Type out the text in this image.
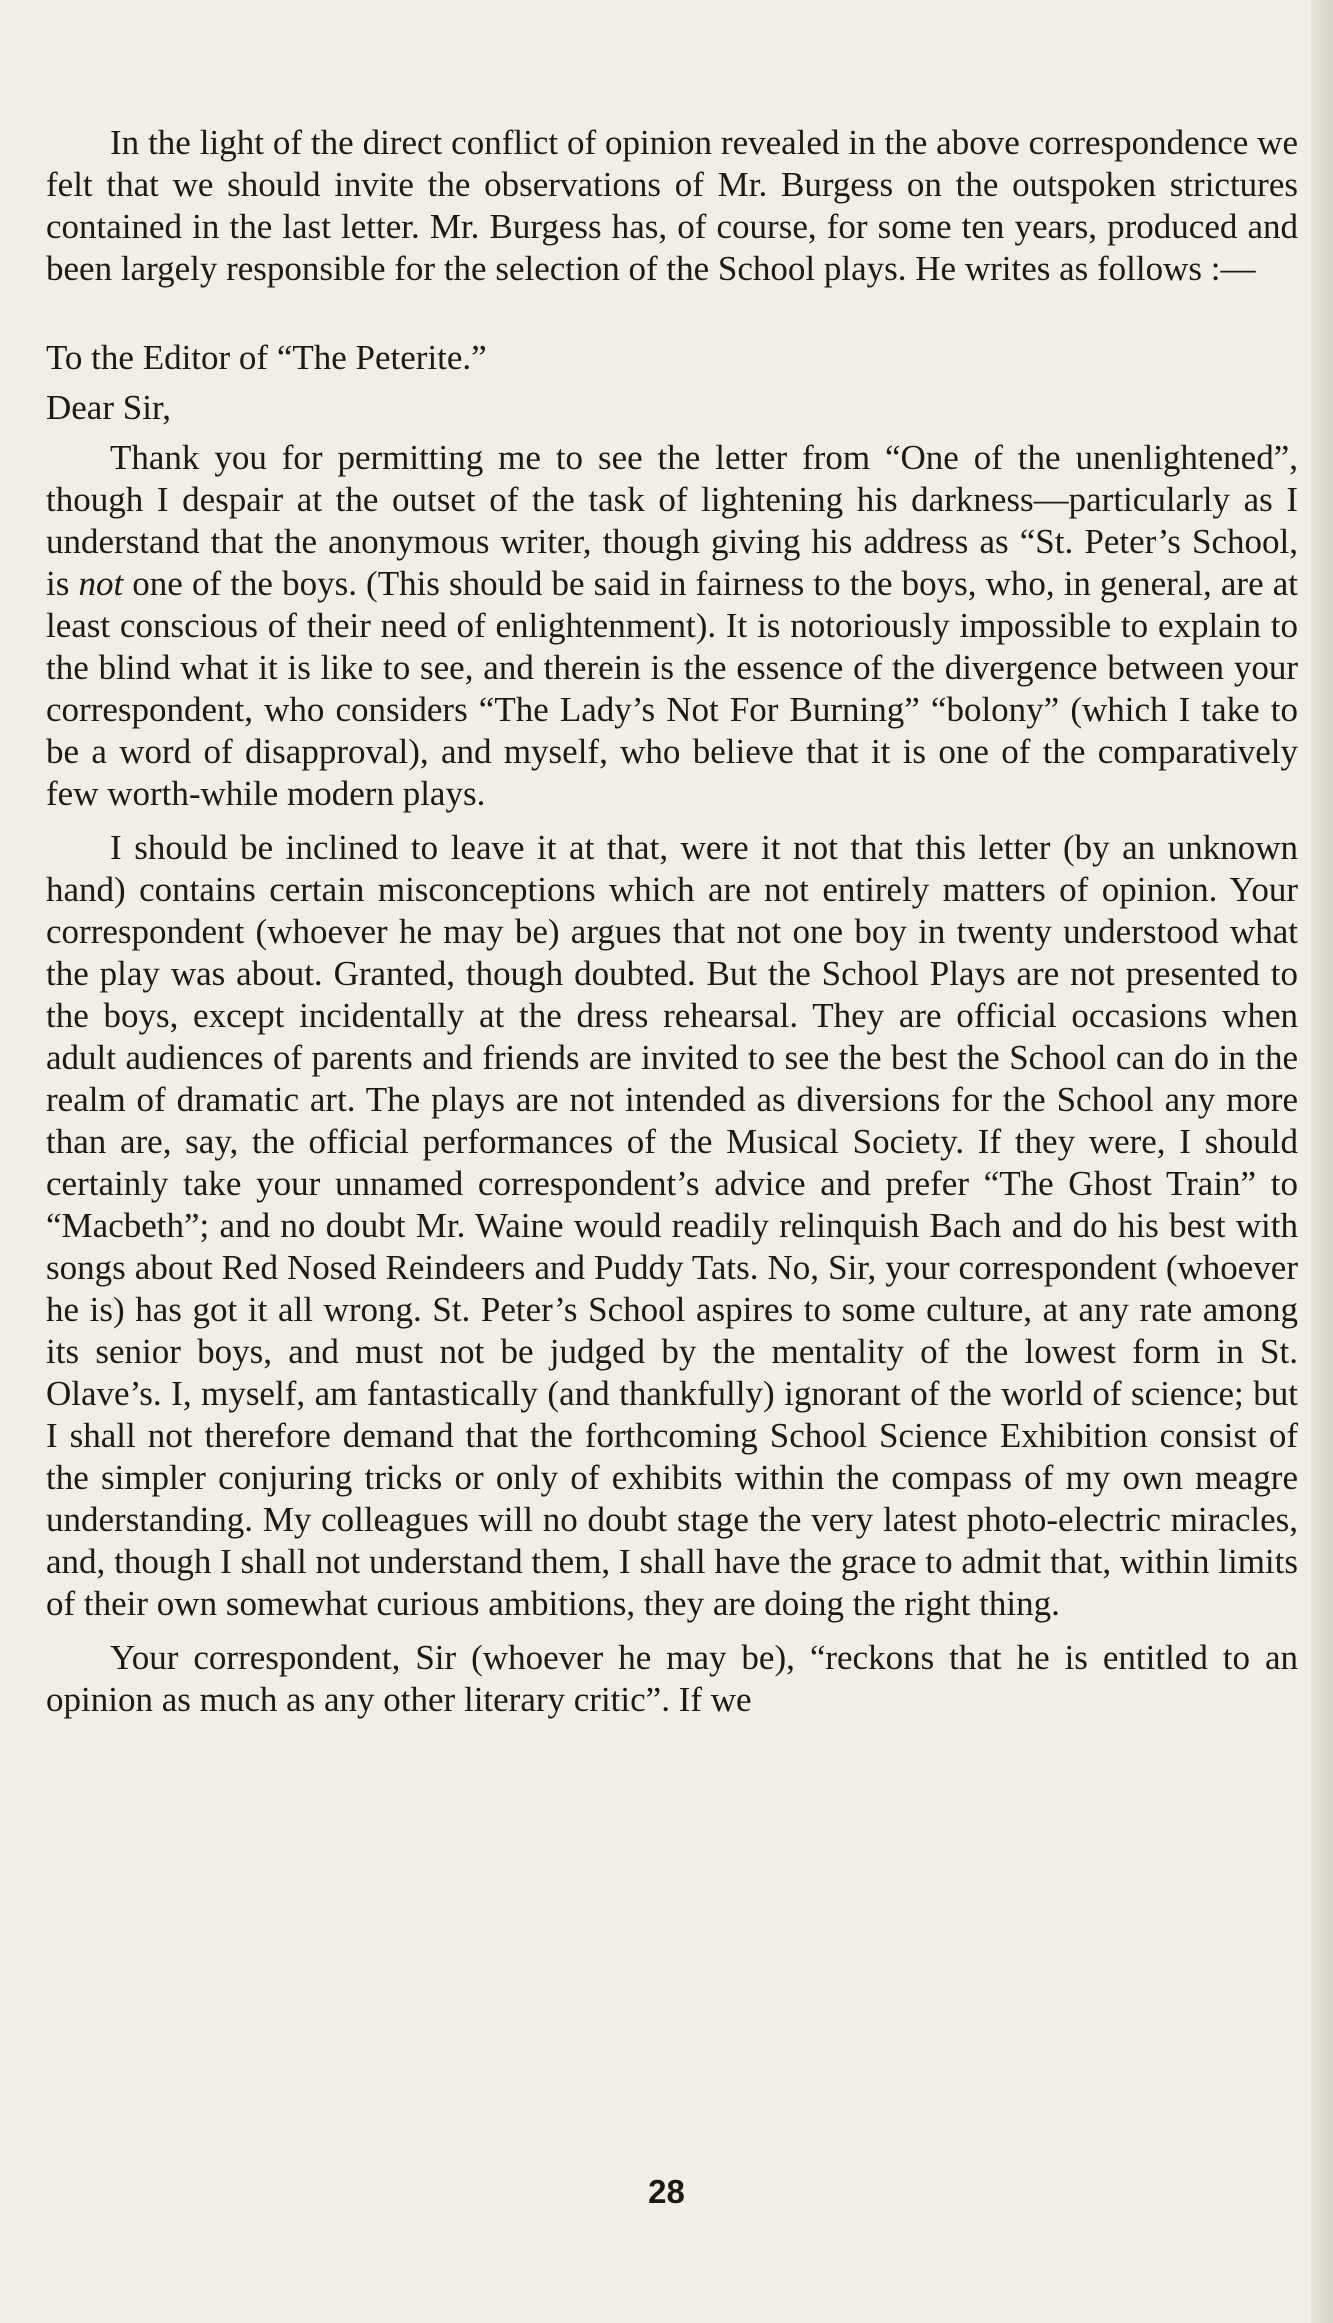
In the light of the direct conflict of opinion revealed in the above correspondence we felt that we should invite the observations of Mr. Burgess on the outspoken strictures contained in the last letter. Mr. Burgess has, of course, for some ten years, produced and been largely responsible for the selection of the School plays. He writes as follows :—

To the Editor of “The Peterite.”

Dear Sir,

Thank you for permitting me to see the letter from “One of the unenlightened”, though I despair at the outset of the task of lightening his darkness—particularly as I understand that the anonymous writer, though giving his address as “St. Peter’s School, is not one of the boys. (This should be said in fairness to the boys, who, in general, are at least conscious of their need of enlightenment). It is notoriously impossible to explain to the blind what it is like to see, and therein is the essence of the divergence between your correspondent, who considers “The Lady’s Not For Burning” “bolony” (which I take to be a word of disapproval), and myself, who believe that it is one of the comparatively few worth-while modern plays.

I should be inclined to leave it at that, were it not that this letter (by an unknown hand) contains certain misconceptions which are not entirely matters of opinion. Your correspondent (whoever he may be) argues that not one boy in twenty understood what the play was about. Granted, though doubted. But the School Plays are not presented to the boys, except incidentally at the dress rehearsal. They are official occasions when adult audiences of parents and friends are invited to see the best the School can do in the realm of dramatic art. The plays are not intended as diversions for the School any more than are, say, the official performances of the Musical Society. If they were, I should certainly take your unnamed correspondent’s advice and prefer “The Ghost Train” to “Macbeth”; and no doubt Mr. Waine would readily relinquish Bach and do his best with songs about Red Nosed Reindeers and Puddy Tats. No, Sir, your correspondent (whoever he is) has got it all wrong. St. Peter’s School aspires to some culture, at any rate among its senior boys, and must not be judged by the mentality of the lowest form in St. Olave’s. I, myself, am fantastically (and thankfully) ignorant of the world of science; but I shall not therefore demand that the forthcoming School Science Exhibition consist of the simpler conjuring tricks or only of exhibits within the compass of my own meagre understanding. My colleagues will no doubt stage the very latest photo-electric miracles, and, though I shall not understand them, I shall have the grace to admit that, within limits of their own somewhat curious ambitions, they are doing the right thing.

Your correspondent, Sir (whoever he may be), “reckons that he is entitled to an opinion as much as any other literary critic”. If we

28
